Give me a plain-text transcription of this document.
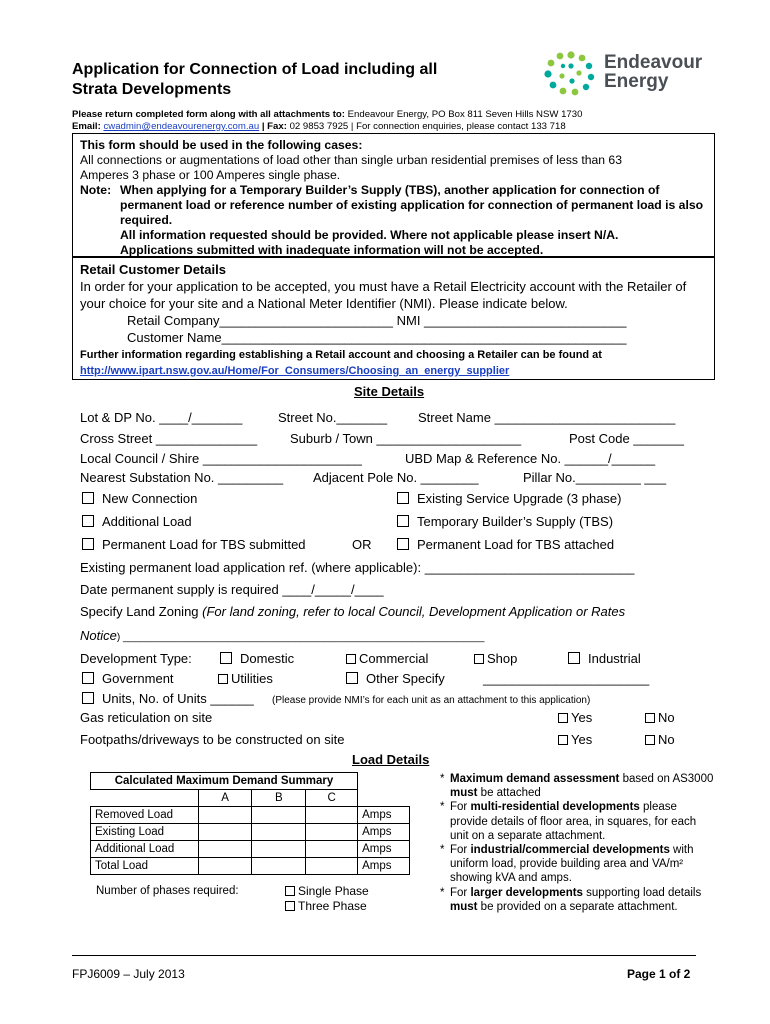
Application for Connection of Load including all
Strata Developments
Endeavour
Energy
Please return completed form along with all attachments to: Endeavour Energy, PO Box 811 Seven Hills NSW 1730
Email: cwadmin@endeavourenergy.com.au | Fax: 02 9853 7925 | For connection enquiries, please contact 133 718
This form should be used in the following cases:
All connections or augmentations of load other than single urban residential premises of less than 63
Amperes 3 phase or 100 Amperes single phase.
Note: When applying for a Temporary Builder’s Supply (TBS), another application for connection of permanent load or reference number of existing application for connection of permanent load is also required.
All information requested should be provided. Where not applicable please insert N/A.
Applications submitted with inadequate information will not be accepted.
Retail Customer Details
In order for your application to be accepted, you must have a Retail Electricity account with the Retailer of your choice for your site and a National Meter Identifier (NMI). Please indicate below.
Retail Company________________________ NMI ____________________________
Customer Name________________________________________________________
Further information regarding establishing a Retail account and choosing a Retailer can be found at
http://www.ipart.nsw.gov.au/Home/For_Consumers/Choosing_an_energy_supplier
Site Details
Lot & DP No. ____/_______	Street No._______ Street Name _________________________
Cross Street ______________	Suburb / Town ____________________	Post Code _______
Local Council / Shire ______________________	UBD Map & Reference No. ______/______
Nearest Substation No. _________ Adjacent Pole No. ________	Pillar No._________ ___
New Connection	Existing Service Upgrade (3 phase)
Additional Load	Temporary Builder’s Supply (TBS)
Permanent Load for TBS submitted	OR	Permanent Load for TBS attached
Existing permanent load application ref. (where applicable): _____________________________
Date permanent supply is required ____/_____/____
Specify Land Zoning (For land zoning, refer to local Council, Development Application or Rates
Notice) _________________________________________________________________
Development Type:	Domestic	Commercial	Shop	Industrial
Government	Utilities	Other Specify	_______________________
Units, No. of Units ______ (Please provide NMI’s for each unit as an attachment to this application)
Gas reticulation on site	Yes	No
Footpaths/driveways to be constructed on site	Yes	No
Load Details
Calculated Maximum Demand Summary				
	A	B	C	
Removed Load				Amps
Existing Load				Amps
Additional Load				Amps
Total Load				Amps
Number of phases required:	Single Phase
Three Phase
* Maximum demand assessment based on AS3000 must be attached
* For multi-residential developments please provide details of floor area, in squares, for each unit on a separate attachment.
* For industrial/commercial developments with uniform load, provide building area and VA/m² showing kVA and amps.
* For larger developments supporting load details must be provided on a separate attachment.
FPJ6009 – July 2013	Page 1 of 2
